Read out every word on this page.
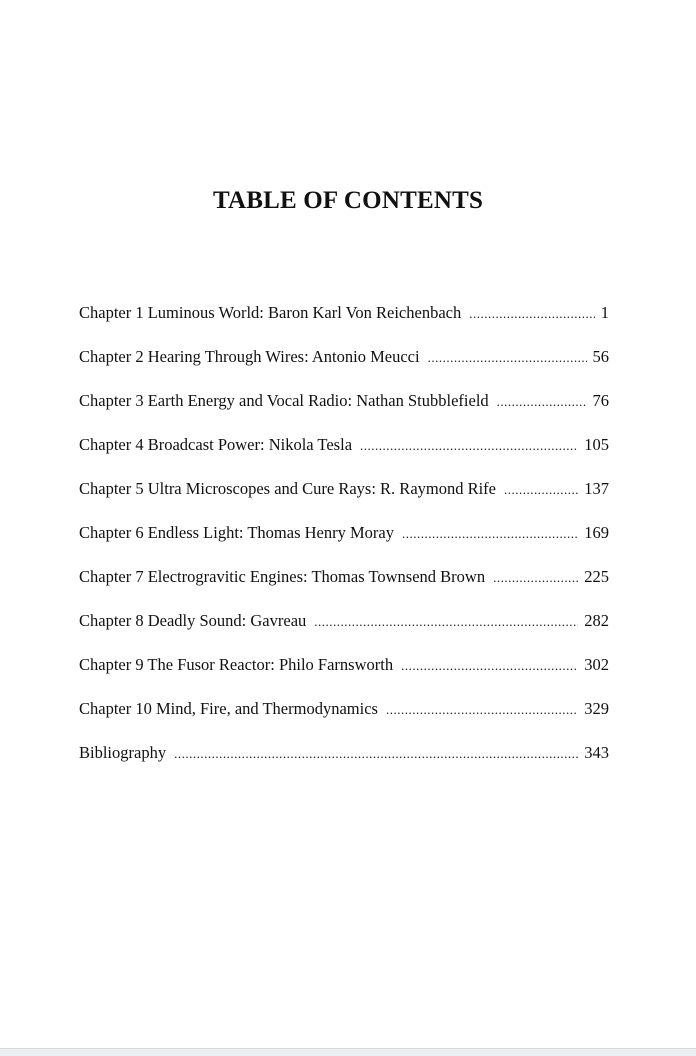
TABLE OF CONTENTS
Chapter 1 Luminous World: Baron Karl Von Reichenbach .....	1
Chapter 2 Hearing Through Wires: Antonio Meucci .....	56
Chapter 3 Earth Energy and Vocal Radio: Nathan Stubblefield .....	76
Chapter 4 Broadcast Power: Nikola Tesla .....	105
Chapter 5 Ultra Microscopes and Cure Rays: R. Raymond Rife .....	137
Chapter 6 Endless Light: Thomas Henry Moray .....	169
Chapter 7 Electrogravitic Engines: Thomas Townsend Brown .....	225
Chapter 8 Deadly Sound: Gavreau .....	282
Chapter 9 The Fusor Reactor: Philo Farnsworth .....	302
Chapter 10 Mind, Fire, and Thermodynamics .....	329
Bibliography .....	343
